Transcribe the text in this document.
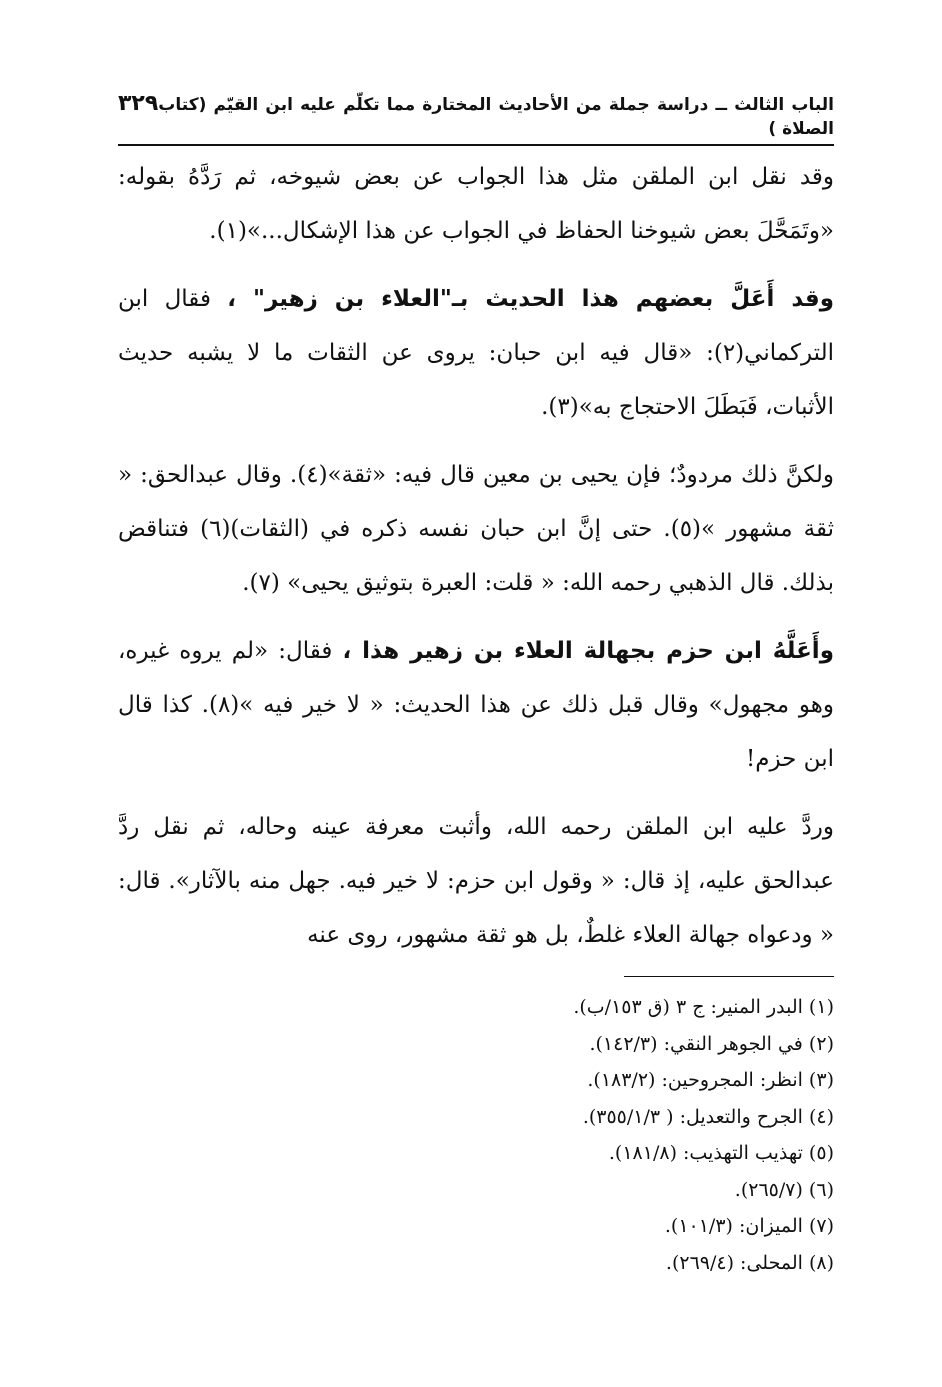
الباب الثالث ــ دراسة جملة من الأحاديث المختارة مما تكلّم عليه ابن القيّم (كتاب الصلاة )
٣٢٩

وقد نقل ابن الملقن مثل هذا الجواب عن بعض شيوخه، ثم رَدَّهُ بقوله: «وتَمَحَّلَ بعض شيوخنا الحفاظ في الجواب عن هذا الإشكال...»(١).

وقد أَعَلَّ بعضهم هذا الحديث بـ"العلاء بن زهير" ، فقال ابن التركماني(٢): «قال فيه ابن حبان: يروى عن الثقات ما لا يشبه حديث الأثبات، فَبَطَلَ الاحتجاج به»(٣).

ولكنَّ ذلك مردودٌ؛ فإن يحيى بن معين قال فيه: «ثقة»(٤). وقال عبدالحق: « ثقة مشهور »(٥). حتى إنَّ ابن حبان نفسه ذكره في (الثقات)(٦) فتناقض بذلك. قال الذهبي رحمه الله: « قلت: العبرة بتوثيق يحيى» (٧).

وأَعَلَّهُ ابن حزم بجهالة العلاء بن زهير هذا ، فقال: «لم يروه غيره، وهو مجهول» وقال قبل ذلك عن هذا الحديث: « لا خير فيه »(٨). كذا قال ابن حزم!

وردَّ عليه ابن الملقن رحمه الله، وأثبت معرفة عينه وحاله، ثم نقل ردَّ عبدالحق عليه، إذ قال: « وقول ابن حزم: لا خير فيه. جهل منه بالآثار». قال: « ودعواه جهالة العلاء غلطٌ، بل هو ثقة مشهور، روى عنه

(١) البدر المنير: ج ٣ (ق ١٥٣/ب).
(٢) في الجوهر النقي: (١٤٢/٣).
(٣) انظر: المجروحين: (١٨٣/٢).
(٤) الجرح والتعديل: ( ٣٥٥/١/٣).
(٥) تهذيب التهذيب: (١٨١/٨).
(٦) (٢٦٥/٧).
(٧) الميزان: (١٠١/٣).
(٨) المحلى: (٢٦٩/٤).
